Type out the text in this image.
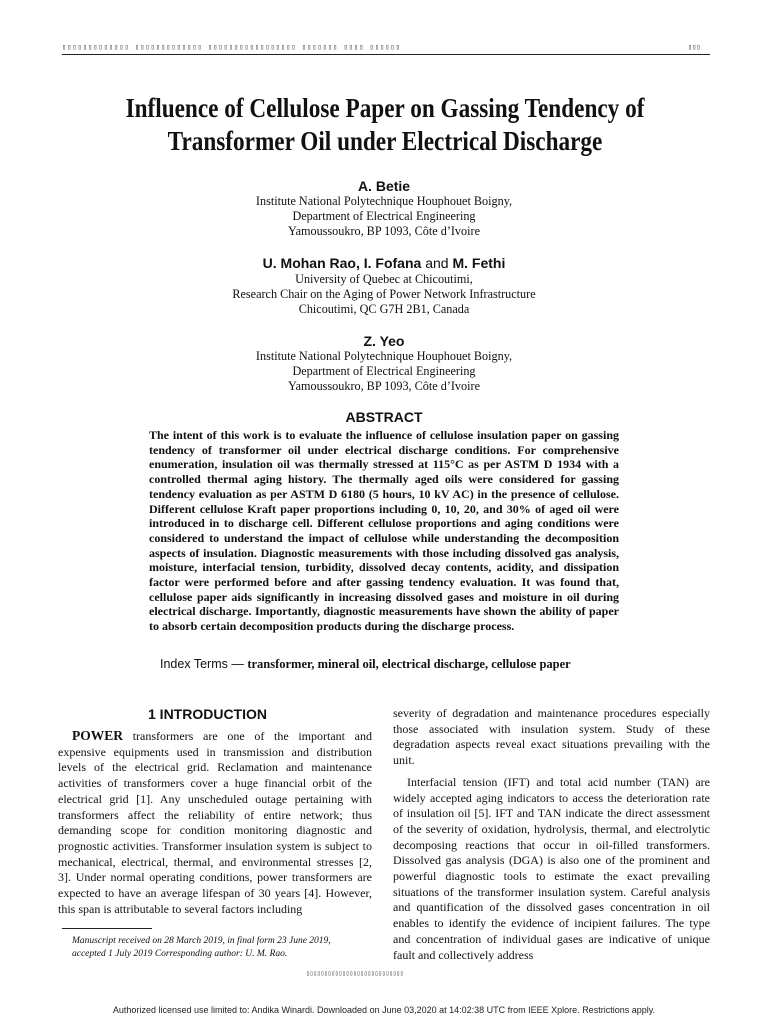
▯▯▯▯▯▯▯▯▯▯▯▯▯ ▯▯▯▯▯▯▯▯▯▯▯▯▯ ▯▯▯▯▯▯▯▯▯▯▯▯▯▯▯▯▯ ▯▯▯▯▯▯▯ ▯▯▯▯ ▯▯▯▯▯▯	▯▯▯
Influence of Cellulose Paper on Gassing Tendency of
Transformer Oil under Electrical Discharge
A. Betie
Institute National Polytechnique Houphouet Boigny,
Department of Electrical Engineering
Yamoussoukro, BP 1093, Côte d’Ivoire
U. Mohan Rao, I. Fofana and M. Fethi
University of Quebec at Chicoutimi,
Research Chair on the Aging of Power Network Infrastructure
Chicoutimi, QC G7H 2B1, Canada
Z. Yeo
Institute National Polytechnique Houphouet Boigny,
Department of Electrical Engineering
Yamoussoukro, BP 1093, Côte d’Ivoire
ABSTRACT
The intent of this work is to evaluate the influence of cellulose insulation paper on gassing tendency of transformer oil under electrical discharge conditions. For comprehensive enumeration, insulation oil was thermally stressed at 115°C as per ASTM D 1934 with a controlled thermal aging history. The thermally aged oils were considered for gassing tendency evaluation as per ASTM D 6180 (5 hours, 10 kV AC) in the presence of cellulose. Different cellulose Kraft paper proportions including 0, 10, 20, and 30% of aged oil were introduced in to discharge cell. Different cellulose proportions and aging conditions were considered to understand the impact of cellulose while understanding the decomposition aspects of insulation. Diagnostic measurements with those including dissolved gas analysis, moisture, interfacial tension, turbidity, dissolved decay contents, acidity, and dissipation factor were performed before and after gassing tendency evaluation. It was found that, cellulose paper aids significantly in increasing dissolved gases and moisture in oil during electrical discharge. Importantly, diagnostic measurements have shown the ability of paper to absorb certain decomposition products during the discharge process.
Index Terms — transformer, mineral oil, electrical discharge, cellulose paper
1 INTRODUCTION

POWER transformers are one of the important and expensive equipments used in transmission and distribution levels of the electrical grid. Reclamation and maintenance activities of transformers cover a huge financial orbit of the electrical grid [1]. Any unscheduled outage pertaining with transformers affect the reliability of entire network; thus demanding scope for condition monitoring diagnostic and prognostic activities. Transformer insulation system is subject to mechanical, electrical, thermal, and environmental stresses [2, 3]. Under normal operating conditions, power transformers are expected to have an average lifespan of 30 years [4]. However, this span is attributable to several factors including

severity of degradation and maintenance procedures especially those associated with insulation system. Study of these degradation aspects reveal exact situations prevailing with the unit.

Interfacial tension (IFT) and total acid number (TAN) are widely accepted aging indicators to access the deterioration rate of insulation oil [5]. IFT and TAN indicate the direct assessment of the severity of oxidation, hydrolysis, thermal, and electrolytic decomposing reactions that occur in oil-filled transformers. Dissolved gas analysis (DGA) is also one of the prominent and powerful diagnostic tools to estimate the exact prevailing situations of the transformer insulation system. Careful analysis and quantification of the dissolved gases concentration in oil enables to identify the evidence of incipient failures. The type and concentration of individual gases are indicative of unique fault and collectively address

Manuscript received on 28 March 2019, in final form 23 June 2019,
accepted 1 July 2019 Corresponding author: U. M. Rao.
▯▯▯▯▯▯▯▯▯▯▯▯▯▯▯▯▯▯▯▯▯▯▯▯▯▯▯
Authorized licensed use limited to: Andika Winardi. Downloaded on June 03,2020 at 14:02:38 UTC from IEEE Xplore. Restrictions apply.
